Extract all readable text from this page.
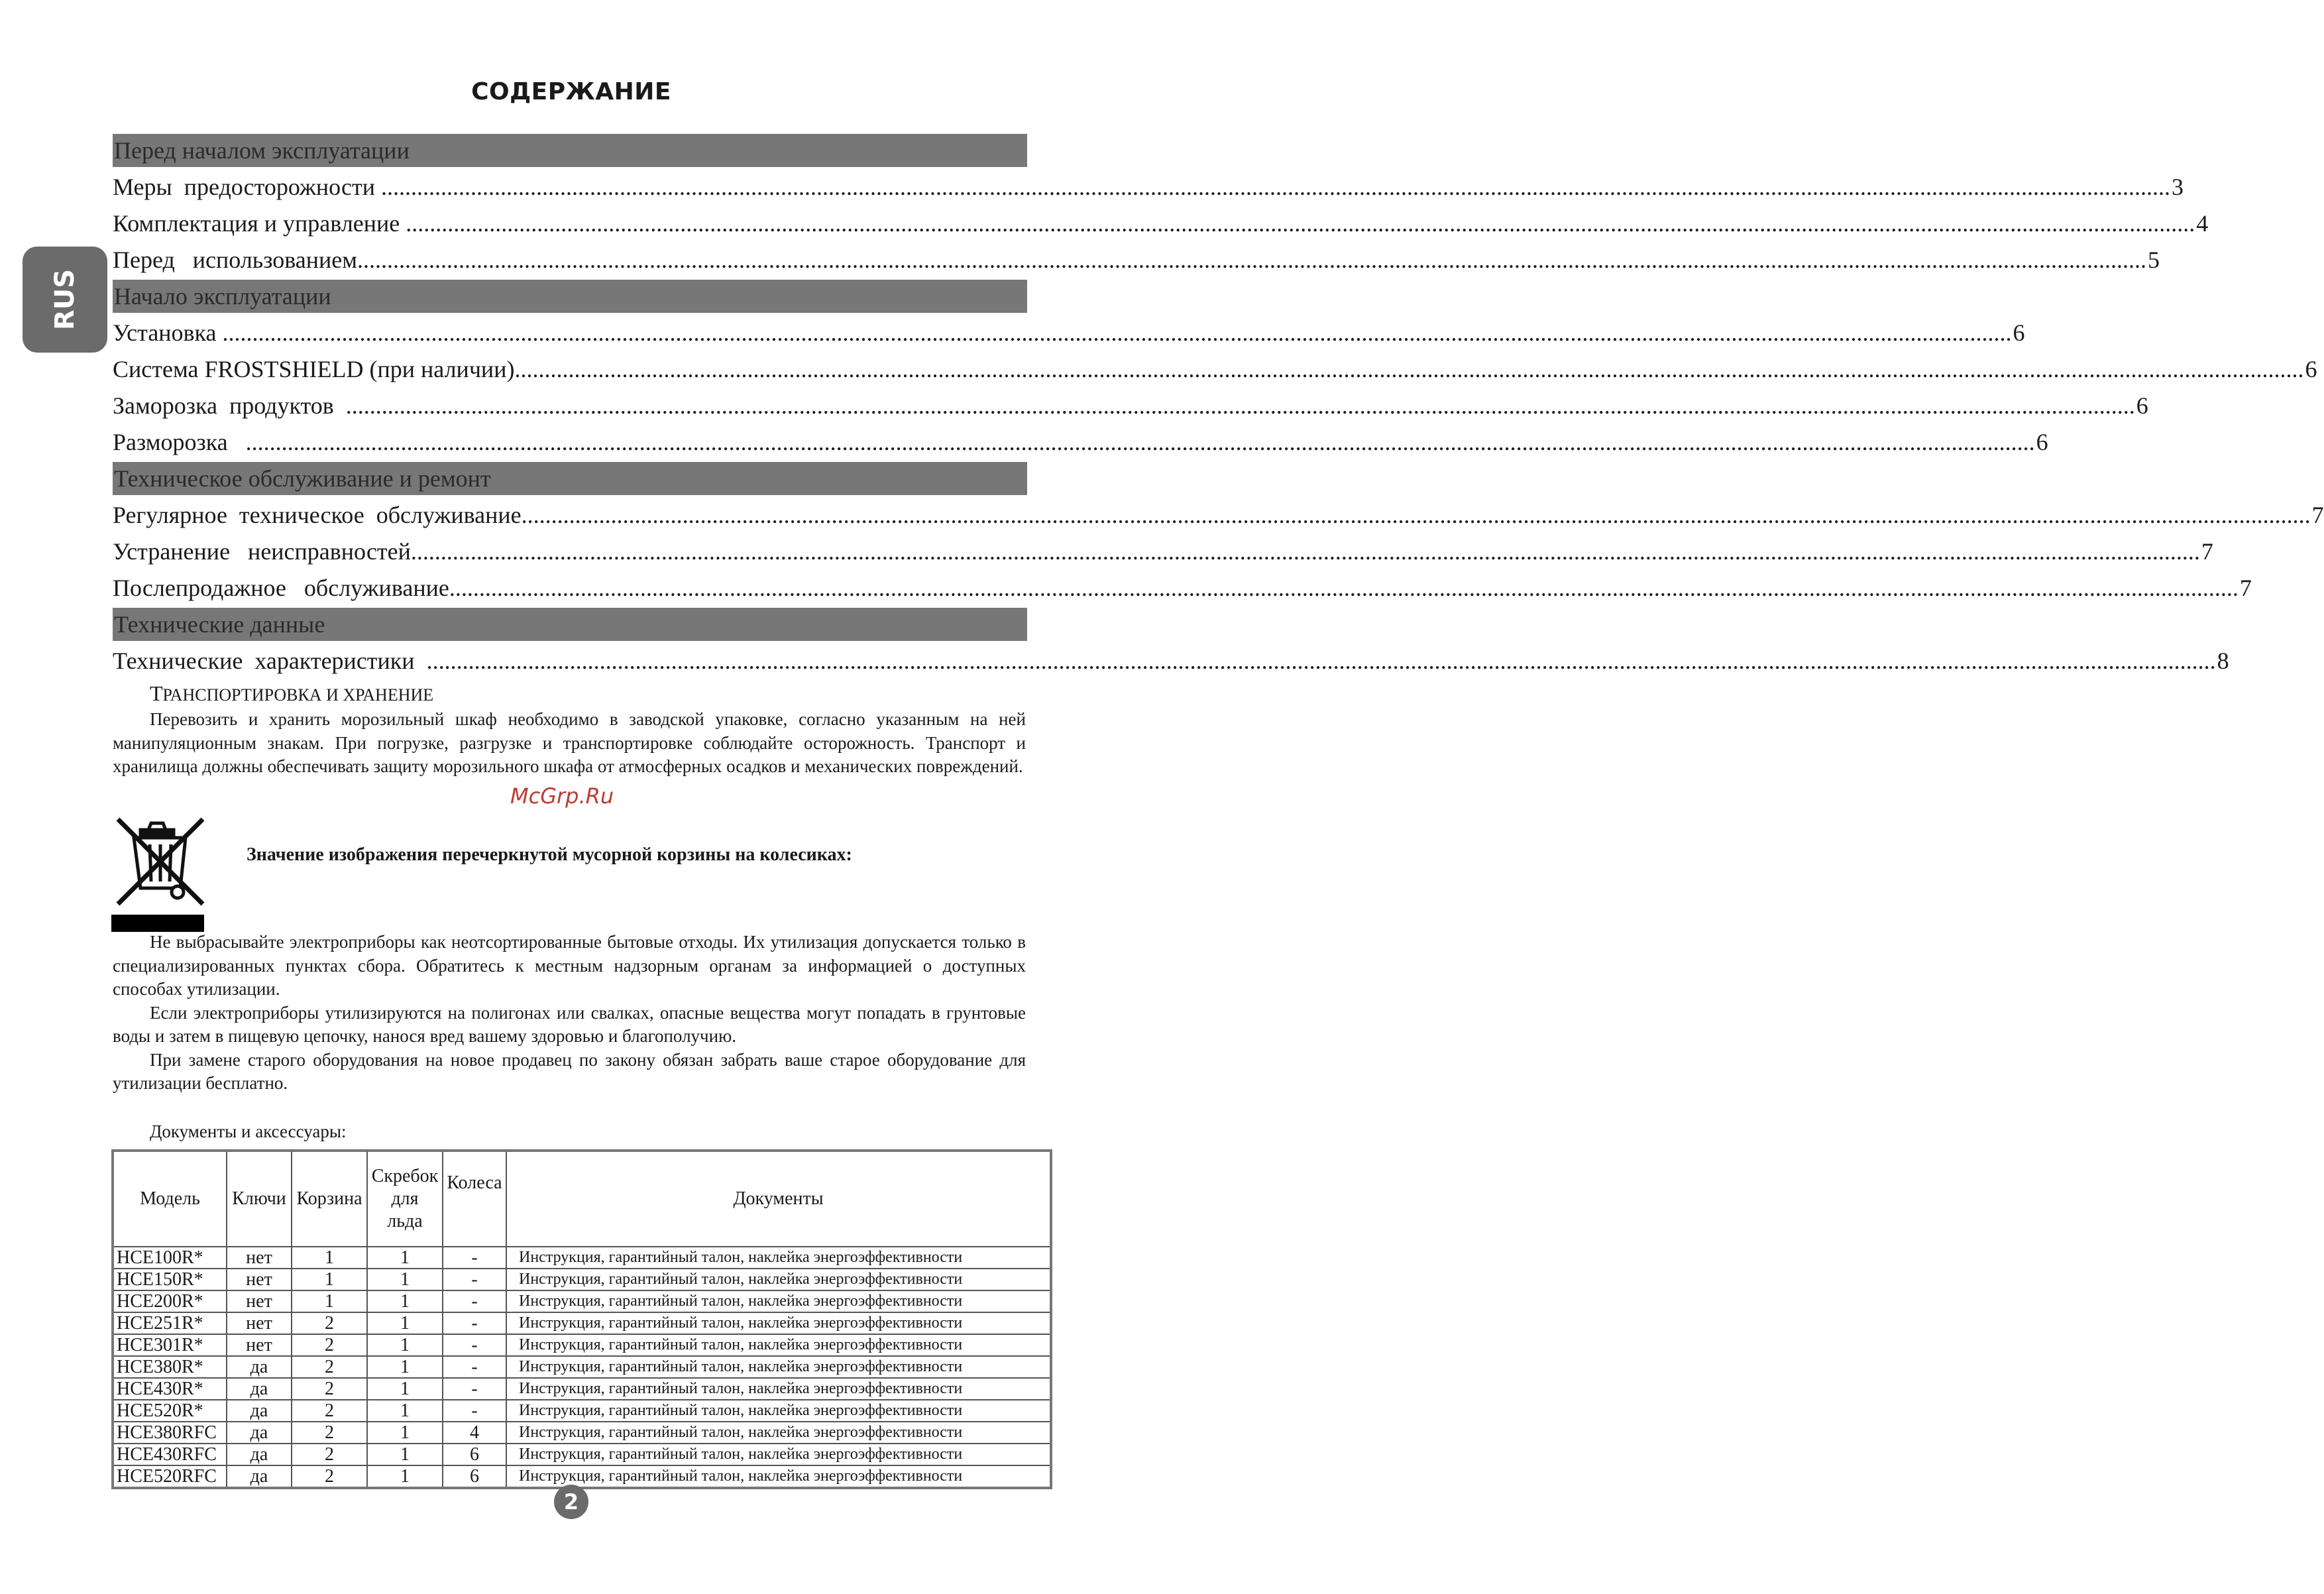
СОДЕРЖАНИЕ
RUS
Перед началом эксплуатации
Меры  предосторожности ............................................................................................................................................................................................................................................................................................................ 3
Комплектация и управление ............................................................................................................................................................................................................................................................................................................ 4
Перед   использованием ............................................................................................................................................................................................................................................................................................................ 5
Начало эксплуатации
Установка ............................................................................................................................................................................................................................................................................................................ 6
Система FROSTSHIELD (при наличии) ............................................................................................................................................................................................................................................................................................................ 6
Заморозка  продуктов ............................................................................................................................................................................................................................................................................................................ 6
Разморозка ............................................................................................................................................................................................................................................................................................................ 6
Техническое обслуживание и ремонт
Регулярное  техническое  обслуживание ............................................................................................................................................................................................................................................................................................................ 7
Устранение   неисправностей ............................................................................................................................................................................................................................................................................................................ 7
Послепродажное   обслуживание ............................................................................................................................................................................................................................................................................................................ 7
Технические данные
Технические  характеристики ............................................................................................................................................................................................................................................................................................................ 8
ТРАНСПОРТИРОВКА И ХРАНЕНИЕ
Перевозить и хранить морозильный шкаф необходимо в заводской упаковке, согласно указанным на ней манипуляционным знакам. При погрузке, разгрузке и транспортировке соблюдайте осторожность. Транспорт и хранилища должны обеспечивать защиту морозильного шкафа от атмосферных осадков и механических повреждений.
McGrp.Ru
Значение изображения перечеркнутой мусорной корзины на колесиках:
Не выбрасывайте электроприборы как неотсортированные бытовые отходы. Их утилизация допускается только в специализированных пунктах сбора. Обратитесь к местным надзорным органам за информацией о доступных способах утилизации.
Если электроприборы утилизируются на полигонах или свалках, опасные вещества могут попадать в грунтовые воды и затем в пищевую цепочку, нанося вред вашему здоровью и благополучию.
При замене старого оборудования на новое продавец по закону обязан забрать ваше старое оборудование для утилизации бесплатно.
Документы и аксессуары:
Модель	Ключи	Корзина	Скребок
для
льда	Колеса	Документы
HCE100R*	нет	1	1	-	Инструкция, гарантийный талон, наклейка энергоэффективности
HCE150R*	нет	1	1	-	Инструкция, гарантийный талон, наклейка энергоэффективности
HCE200R*	нет	1	1	-	Инструкция, гарантийный талон, наклейка энергоэффективности
HCE251R*	нет	2	1	-	Инструкция, гарантийный талон, наклейка энергоэффективности
HCE301R*	нет	2	1	-	Инструкция, гарантийный талон, наклейка энергоэффективности
HCE380R*	да	2	1	-	Инструкция, гарантийный талон, наклейка энергоэффективности
HCE430R*	да	2	1	-	Инструкция, гарантийный талон, наклейка энергоэффективности
HCE520R*	да	2	1	-	Инструкция, гарантийный талон, наклейка энергоэффективности
HCE380RFC	да	2	1	4	Инструкция, гарантийный талон, наклейка энергоэффективности
HCE430RFC	да	2	1	6	Инструкция, гарантийный талон, наклейка энергоэффективности
HCE520RFC	да	2	1	6	Инструкция, гарантийный талон, наклейка энергоэффективности
2
